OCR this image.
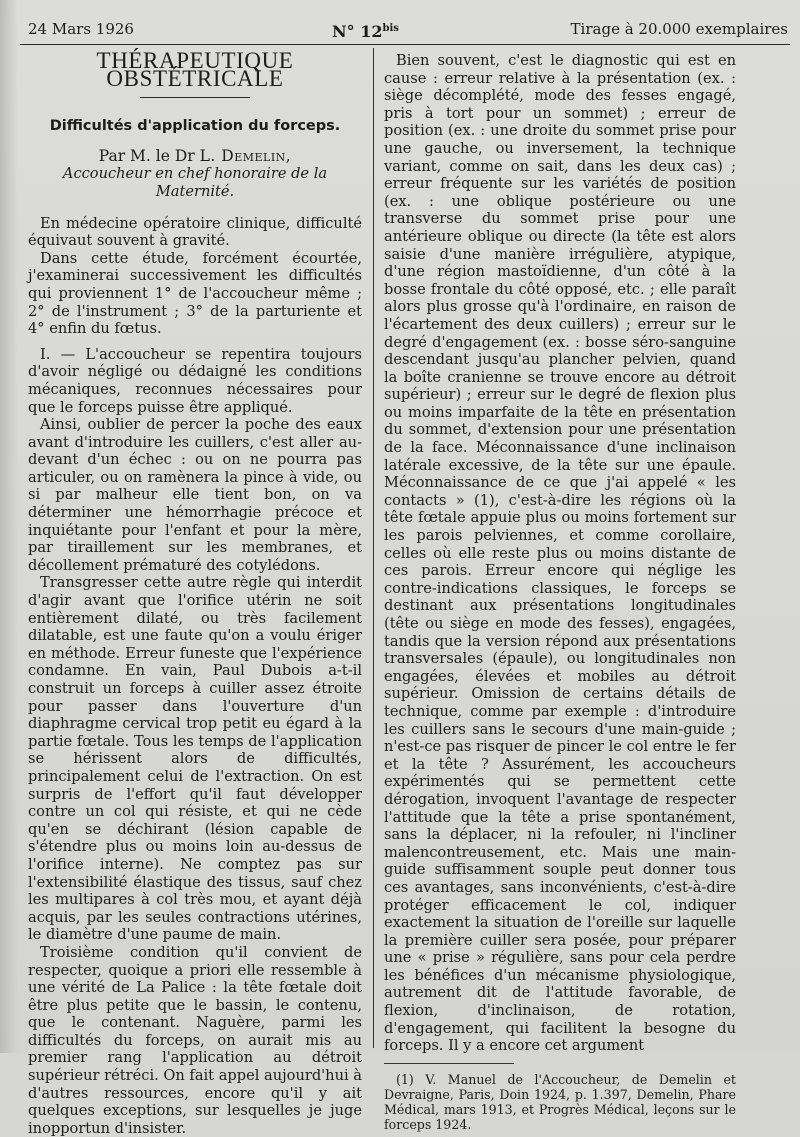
24 Mars 1926	N° $12^{bis}$	Tirage à 20.000 exemplaires

THÉRAPEUTIQUE OBSTÉTRICALE

Difficultés d'application du forceps.

Par M. le Dr L. Demelin,

Accoucheur en chef honoraire de la Maternité.

En médecine opératoire clinique, difficulté équivaut souvent à gravité.

Dans cette étude, forcément écourtée, j'examinerai successivement les difficultés qui proviennent 1° de l'accoucheur même ; 2° de l'instrument ; 3° de la parturiente et 4° enfin du fœtus.

I. — L'accoucheur se repentira toujours d'avoir négligé ou dédaigné les conditions mécaniques, reconnues nécessaires pour que le forceps puisse être appliqué.

Ainsi, oublier de percer la poche des eaux avant d'introduire les cuillers, c'est aller au-devant d'un échec : ou on ne pourra pas articuler, ou on ramènera la pince à vide, ou si par malheur elle tient bon, on va déterminer une hémorrhagie précoce et inquiétante pour l'enfant et pour la mère, par tiraillement sur les membranes, et décollement prématuré des cotylédons.

Transgresser cette autre règle qui interdit d'agir avant que l'orifice utérin ne soit entièrement dilaté, ou très facilement dilatable, est une faute qu'on a voulu ériger en méthode. Erreur funeste que l'expérience condamne. En vain, Paul Dubois a-t-il construit un forceps à cuiller assez étroite pour passer dans l'ouverture d'un diaphragme cervical trop petit eu égard à la partie fœtale. Tous les temps de l'application se hérissent alors de difficultés, principalement celui de l'extraction. On est surpris de l'effort qu'il faut développer contre un col qui résiste, et qui ne cède qu'en se déchirant (lésion capable de s'étendre plus ou moins loin au-dessus de l'orifice interne). Ne comptez pas sur l'extensibilité élastique des tissus, sauf chez les multipares à col très mou, et ayant déjà acquis, par les seules contractions utérines, le diamètre d'une paume de main.

Troisième condition qu'il convient de respecter, quoique a priori elle ressemble à une vérité de La Palice : la tête fœtale doit être plus petite que le bassin, le contenu, que le contenant. Naguère, parmi les difficultés du forceps, on aurait mis au premier rang l'application au détroit supérieur rétréci. On fait appel aujourd'hui à d'autres ressources, encore qu'il y ait quelques exceptions, sur lesquelles je juge inopportun d'insister.

Bien souvent, c'est le diagnostic qui est en cause : erreur relative à la présentation (ex. : siège décomplété, mode des fesses engagé, pris à tort pour un sommet) ; erreur de position (ex. : une droite du sommet prise pour une gauche, ou inversement, la technique variant, comme on sait, dans les deux cas) ; erreur fréquente sur les variétés de position (ex. : une oblique postérieure ou une transverse du sommet prise pour une antérieure oblique ou directe (la tête est alors saisie d'une manière irrégulière, atypique, d'une région mastoïdienne, d'un côté à la bosse frontale du côté opposé, etc. ; elle paraît alors plus grosse qu'à l'ordinaire, en raison de l'écartement des deux cuillers) ; erreur sur le degré d'engagement (ex. : bosse séro-sanguine descendant jusqu'au plancher pelvien, quand la boîte cranienne se trouve encore au détroit supérieur) ; erreur sur le degré de flexion plus ou moins imparfaite de la tête en présentation du sommet, d'extension pour une présentation de la face. Méconnaissance d'une inclinaison latérale excessive, de la tête sur une épaule. Méconnaissance de ce que j'ai appelé « les contacts » (1), c'est-à-dire les régions où la tête fœtale appuie plus ou moins fortement sur les parois pelviennes, et comme corollaire, celles où elle reste plus ou moins distante de ces parois. Erreur encore qui néglige les contre-indications classiques, le forceps se destinant aux présentations longitudinales (tête ou siège en mode des fesses), engagées, tandis que la version répond aux présentations transversales (épaule), ou longitudinales non engagées, élevées et mobiles au détroit supérieur. Omission de certains détails de technique, comme par exemple : d'introduire les cuillers sans le secours d'une main-guide ; n'est-ce pas risquer de pincer le col entre le fer et la tête ? Assurément, les accoucheurs expérimentés qui se permettent cette dérogation, invoquent l'avantage de respecter l'attitude que la tête a prise spontanément, sans la déplacer, ni la refouler, ni l'incliner malencontreusement, etc. Mais une main-guide suffisamment souple peut donner tous ces avantages, sans inconvénients, c'est-à-dire protéger efficacement le col, indiquer exactement la situation de l'oreille sur laquelle la première cuiller sera posée, pour préparer une « prise » régulière, sans pour cela perdre les bénéfices d'un mécanisme physiologique, autrement dit de l'attitude favorable, de flexion, d'inclinaison, de rotation, d'engagement, qui facilitent la besogne du forceps. Il y a encore cet argument

(1) V. Manuel de l'Accoucheur, de Demelin et Devraigne, Paris, Doin 1924, p. 1.397, Demelin, Phare Médical, mars 1913, et Progrès Médical, leçons sur le forceps 1924.
